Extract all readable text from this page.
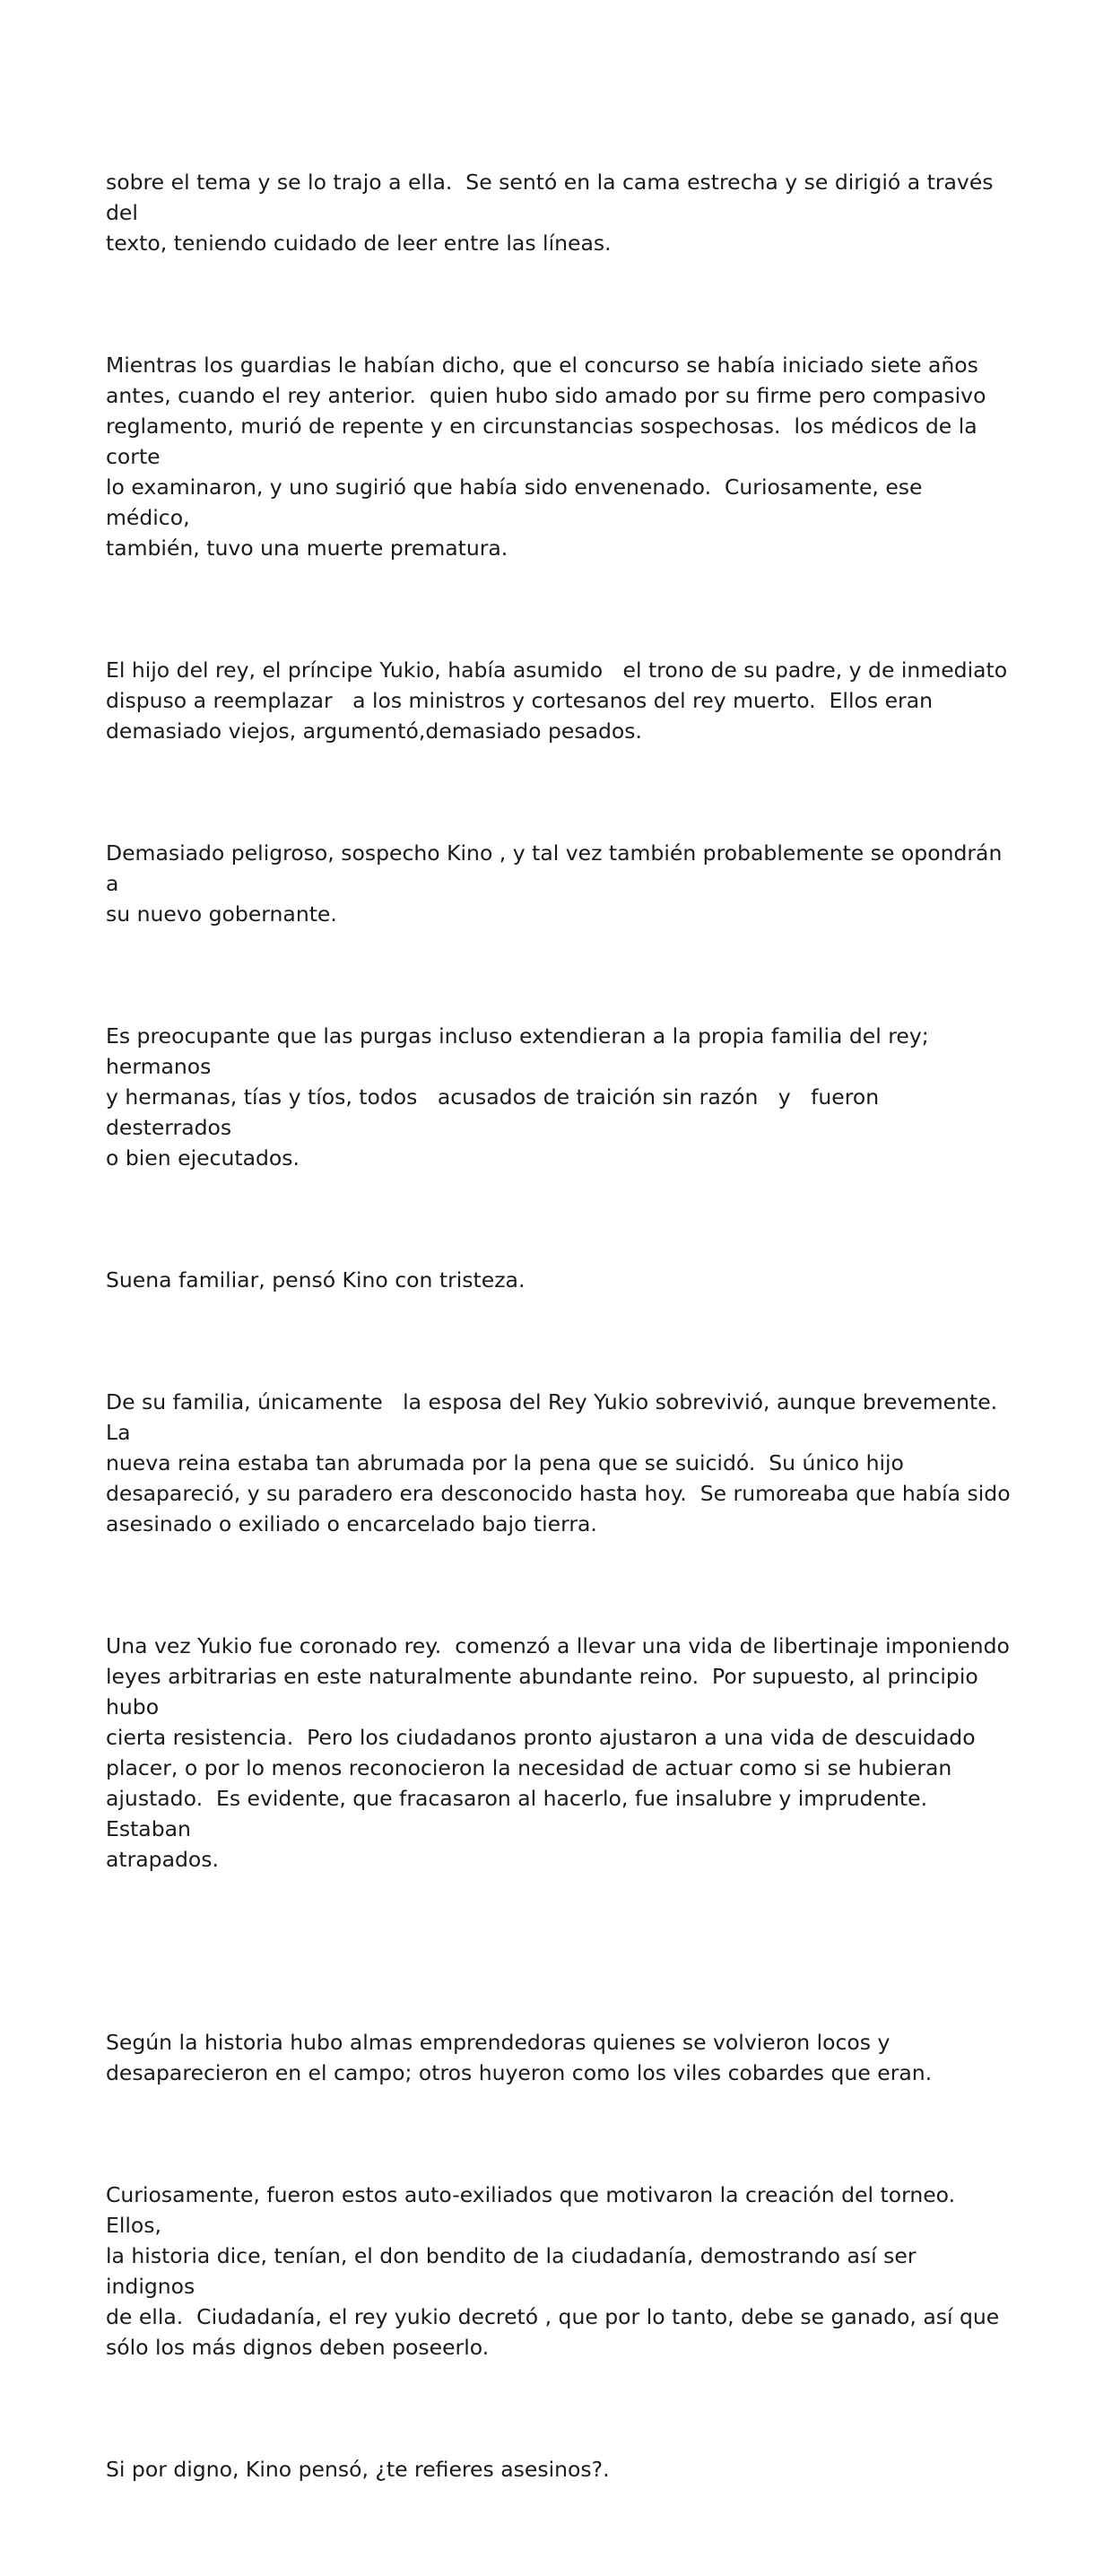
sobre el tema y se lo trajo a ella.  Se sentó en la cama estrecha y se dirigió a través del
texto, teniendo cuidado de leer entre las líneas.

Mientras los guardias le habían dicho, que el concurso se había iniciado siete años
antes, cuando el rey anterior.  quien hubo sido amado por su firme pero compasivo
reglamento, murió de repente y en circunstancias sospechosas.  los médicos de la corte
lo examinaron, y uno sugirió que había sido envenenado.  Curiosamente, ese médico,
también, tuvo una muerte prematura.

El hijo del rey, el príncipe Yukio, había asumido   el trono de su padre, y de inmediato
dispuso a reemplazar   a los ministros y cortesanos del rey muerto.  Ellos eran
demasiado viejos, argumentó,demasiado pesados.

Demasiado peligroso, sospecho Kino , y tal vez también probablemente se opondrán a
su nuevo gobernante.

Es preocupante que las purgas incluso extendieran a la propia familia del rey; hermanos
y hermanas, tías y tíos, todos   acusados de traición sin razón   y   fueron   desterrados
o bien ejecutados.

Suena familiar, pensó Kino con tristeza.

De su familia, únicamente   la esposa del Rey Yukio sobrevivió, aunque brevemente.  La
nueva reina estaba tan abrumada por la pena que se suicidó.  Su único hijo
desapareció, y su paradero era desconocido hasta hoy.  Se rumoreaba que había sido
asesinado o exiliado o encarcelado bajo tierra.

Una vez Yukio fue coronado rey.  comenzó a llevar una vida de libertinaje imponiendo
leyes arbitrarias en este naturalmente abundante reino.  Por supuesto, al principio hubo
cierta resistencia.  Pero los ciudadanos pronto ajustaron a una vida de descuidado
placer, o por lo menos reconocieron la necesidad de actuar como si se hubieran
ajustado.  Es evidente, que fracasaron al hacerlo, fue insalubre y imprudente.  Estaban
atrapados.

Según la historia hubo almas emprendedoras quienes se volvieron locos y
desaparecieron en el campo; otros huyeron como los viles cobardes que eran.

Curiosamente, fueron estos auto-exiliados que motivaron la creación del torneo.  Ellos,
la historia dice, tenían, el don bendito de la ciudadanía, demostrando así ser indignos
de ella.  Ciudadanía, el rey yukio decretó , que por lo tanto, debe se ganado, así que
sólo los más dignos deben poseerlo.

Si por digno, Kino pensó, ¿te refieres asesinos?.
